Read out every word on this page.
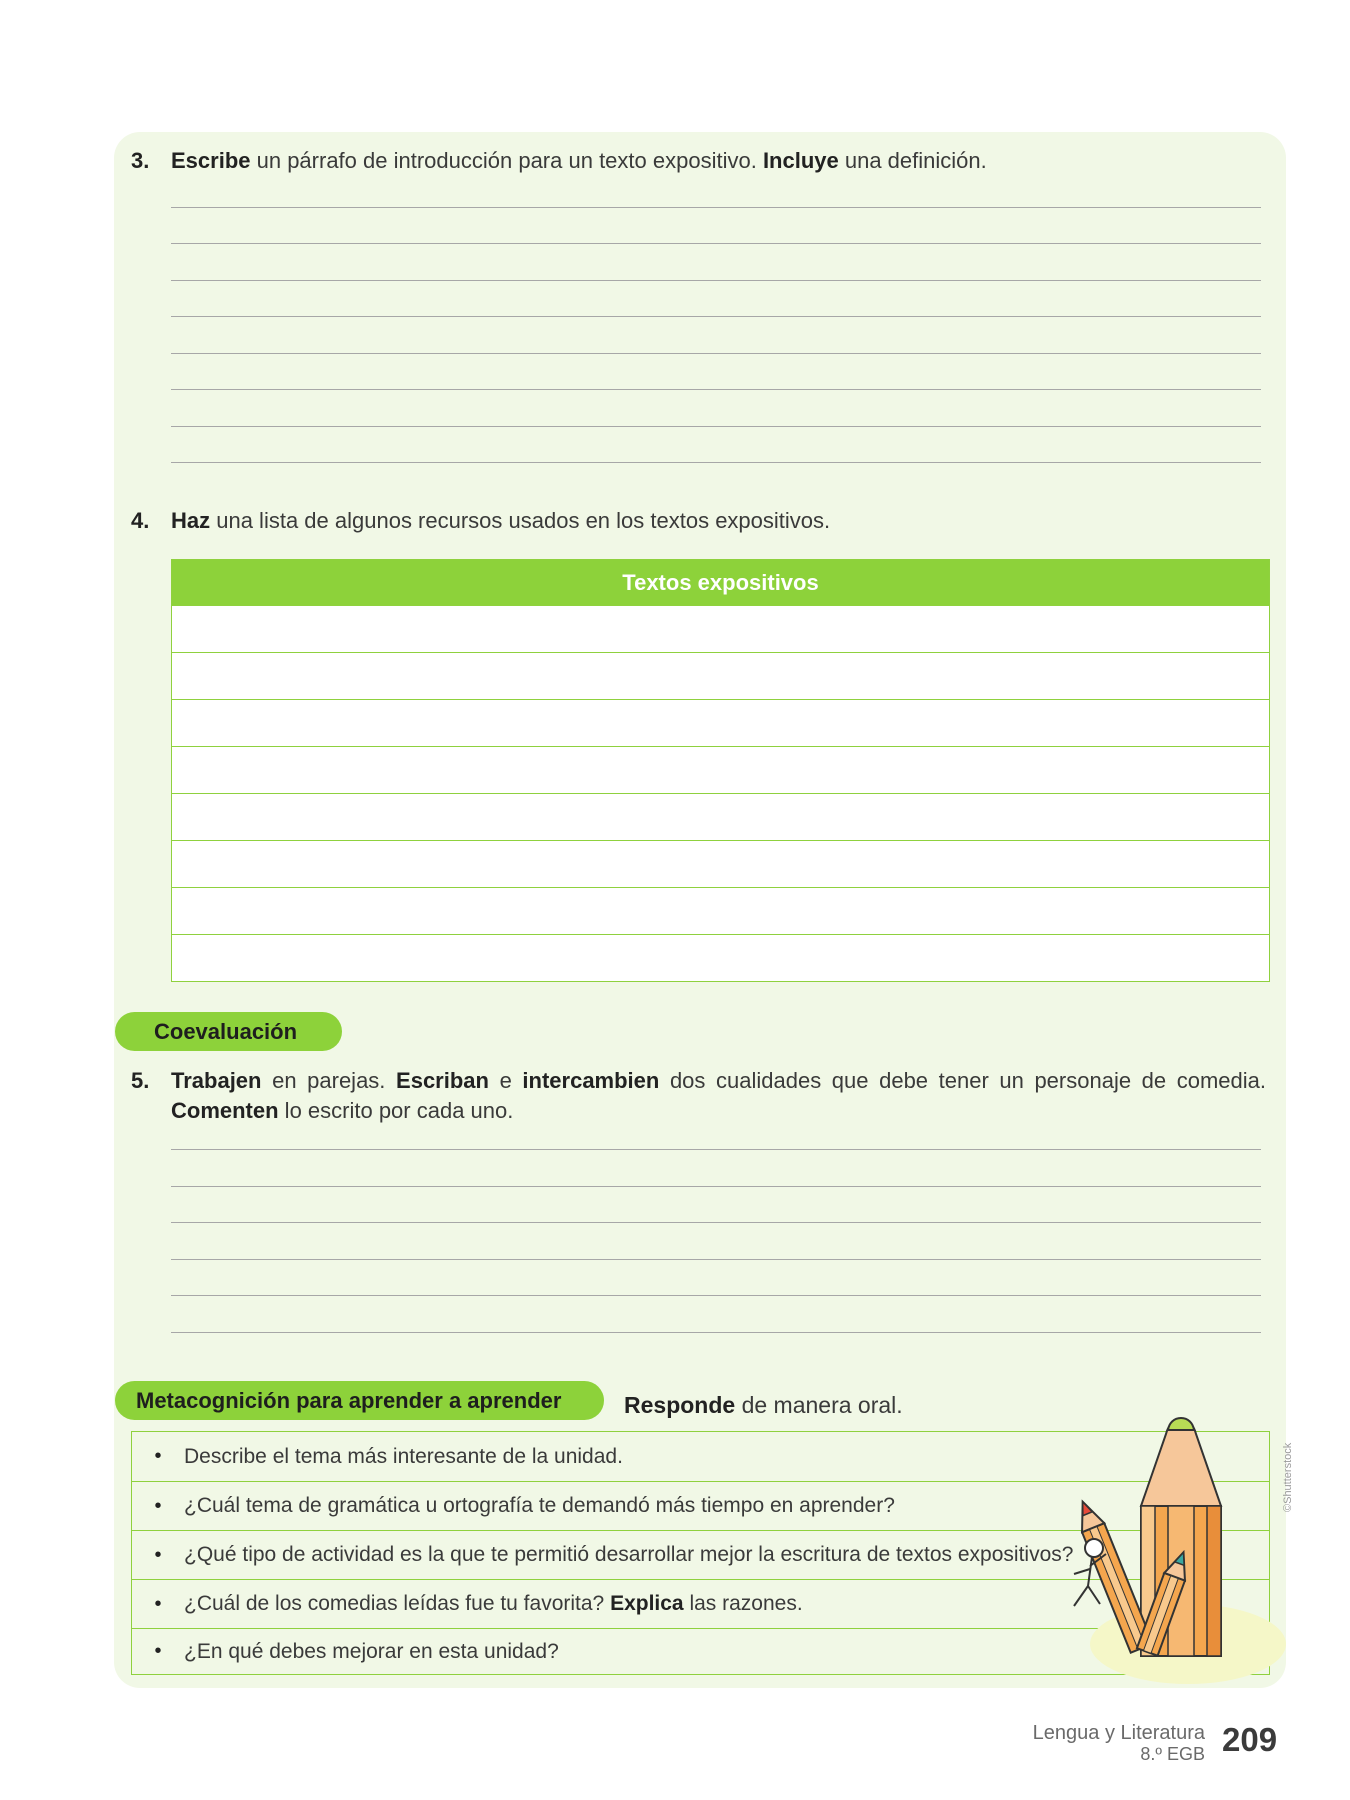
3. Escribe un párrafo de introducción para un texto expositivo. Incluye una definición.
4. Haz una lista de algunos recursos usados en los textos expositivos.
Textos expositivos
Coevaluación
5. Trabajen en parejas. Escriban e intercambien dos cualidades que debe tener un personaje de comedia. Comenten lo escrito por cada uno.
Metacognición para aprender a aprender	Responde de manera oral.
•	Describe el tema más interesante de la unidad.
•	¿Cuál tema de gramática u ortografía te demandó más tiempo en aprender?
•	¿Qué tipo de actividad es la que te permitió desarrollar mejor la escritura de textos expositivos?
•	¿Cuál de los comedias leídas fue tu favorita? Explica las razones.
•	¿En qué debes mejorar en esta unidad?
©Shutterstock
Lengua y Literatura
8.º EGB 209
